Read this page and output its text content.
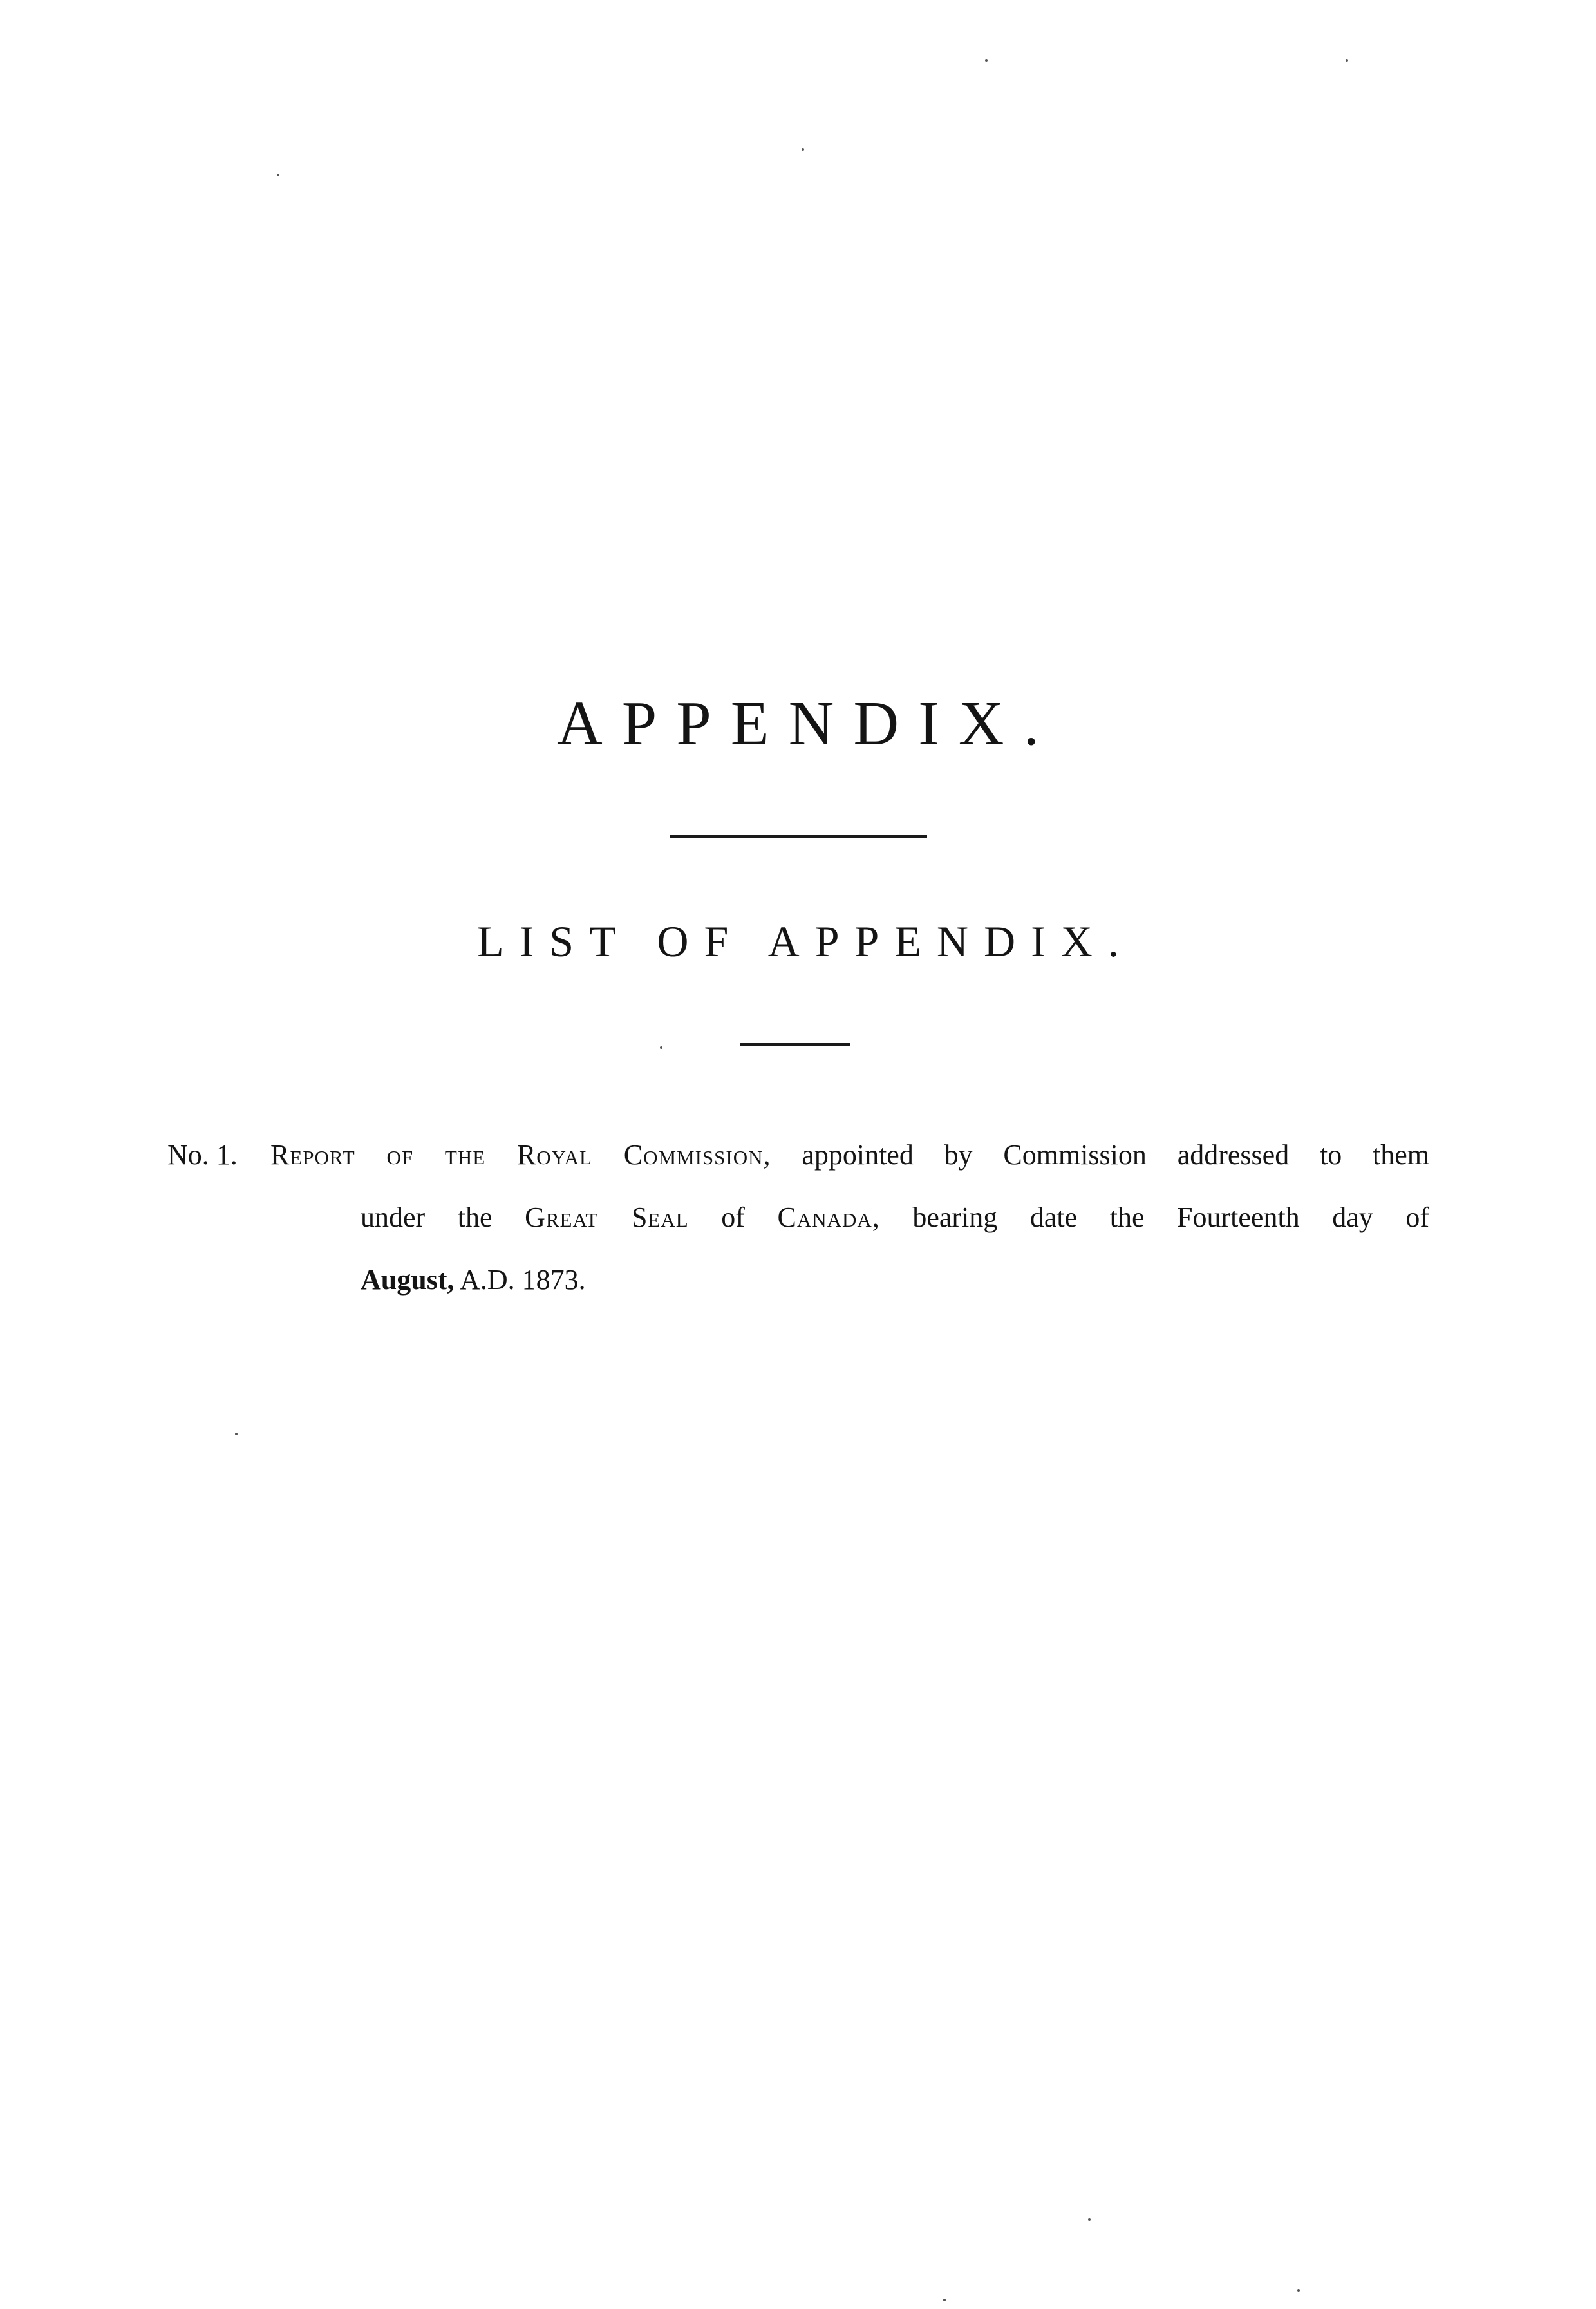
APPENDIX.
LIST OF APPENDIX.
No. 1. Report of the Royal Commission, appointed by Commission addressed to them
under the Great Seal of Canada, bearing date the Fourteenth day of
August, A.D. 1873.
